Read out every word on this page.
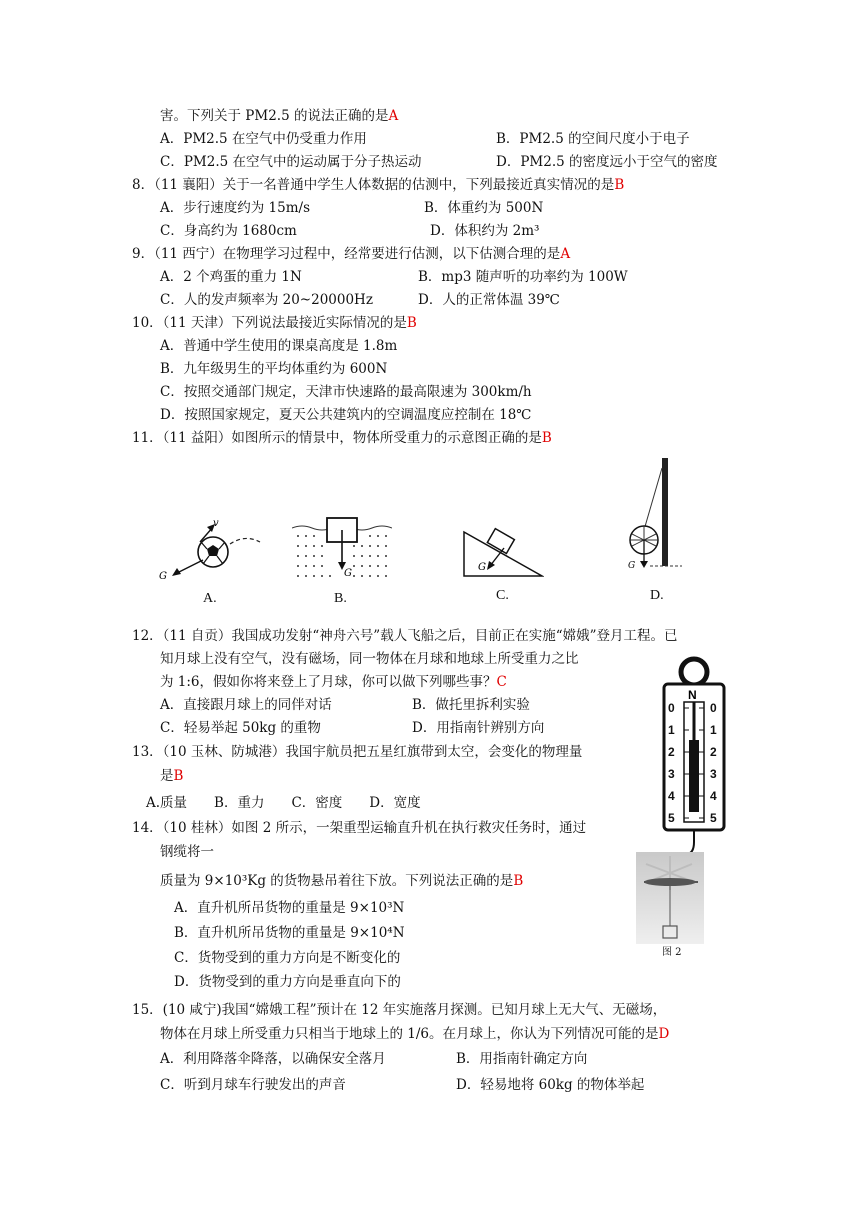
害。下列关于 PM2.5 的说法正确的是A
A．PM2.5 在空气中仍受重力作用	B．PM2.5 的空间尺度小于电子
C．PM2.5 在空气中的运动属于分子热运动	D．PM2.5 的密度远小于空气的密度
8．（11 襄阳）关于一名普通中学生人体数据的估测中，下列最接近真实情况的是B
A．步行速度约为 15m/s	B．体重约为 500N
C．身高约为 1680cm	D．体积约为 2m³
9．（11 西宁）在物理学习过程中，经常要进行估测，以下估测合理的是A
A．2 个鸡蛋的重力 1N	B．mp3 随声听的功率约为 100W
C．人的发声频率为 20~20000Hz	D．人的正常体温 39℃
10．（11 天津）下列说法最接近实际情况的是B
A．普通中学生使用的课桌高度是 1.8m
B．九年级男生的平均体重约为 600N
C．按照交通部门规定，天津市快速路的最高限速为 300km/h
D．按照国家规定，夏天公共建筑内的空调温度应控制在 18℃
11．（11 益阳）如图所示的情景中，物体所受重力的示意图正确的是B
v
G
A.
G
B.
G
C.
G
D.
12．（11 自贡）我国成功发射“神舟六号”载人飞船之后，目前正在实施“嫦娥”登月工程。已
知月球上没有空气，没有磁场，同一物体在月球和地球上所受重力之比
为 1:6，假如你将来登上了月球，你可以做下列哪些事？C
A．直接跟月球上的同伴对话	B．做托里拆利实验
C．轻易举起 50kg 的重物	D．用指南针辨别方向
N
0
1
2
3
4
5
0
1
2
3
4
5
13．（10 玉林、防城港）我国宇航员把五星红旗带到太空，会变化的物理量
是B
A.质量　　B．重力　　C．密度　　D．宽度
14．（10 桂林）如图 2 所示，一架重型运输直升机在执行救灾任务时，通过
钢缆将一
质量为 9×10³Kg 的货物悬吊着往下放。下列说法正确的是B
A．直升机所吊货物的重量是 9×10³N
B．直升机所吊货物的重量是 9×10⁴N
C．货物受到的重力方向是不断变化的
D．货物受到的重力方向是垂直向下的
图 2
15．(10 咸宁)我国“嫦娥工程”预计在 12 年实施落月探测。已知月球上无大气、无磁场，
物体在月球上所受重力只相当于地球上的 1/6。在月球上，你认为下列情况可能的是D
A．利用降落伞降落，以确保安全落月	B．用指南针确定方向
C．听到月球车行驶发出的声音	D．轻易地将 60kg 的物体举起
